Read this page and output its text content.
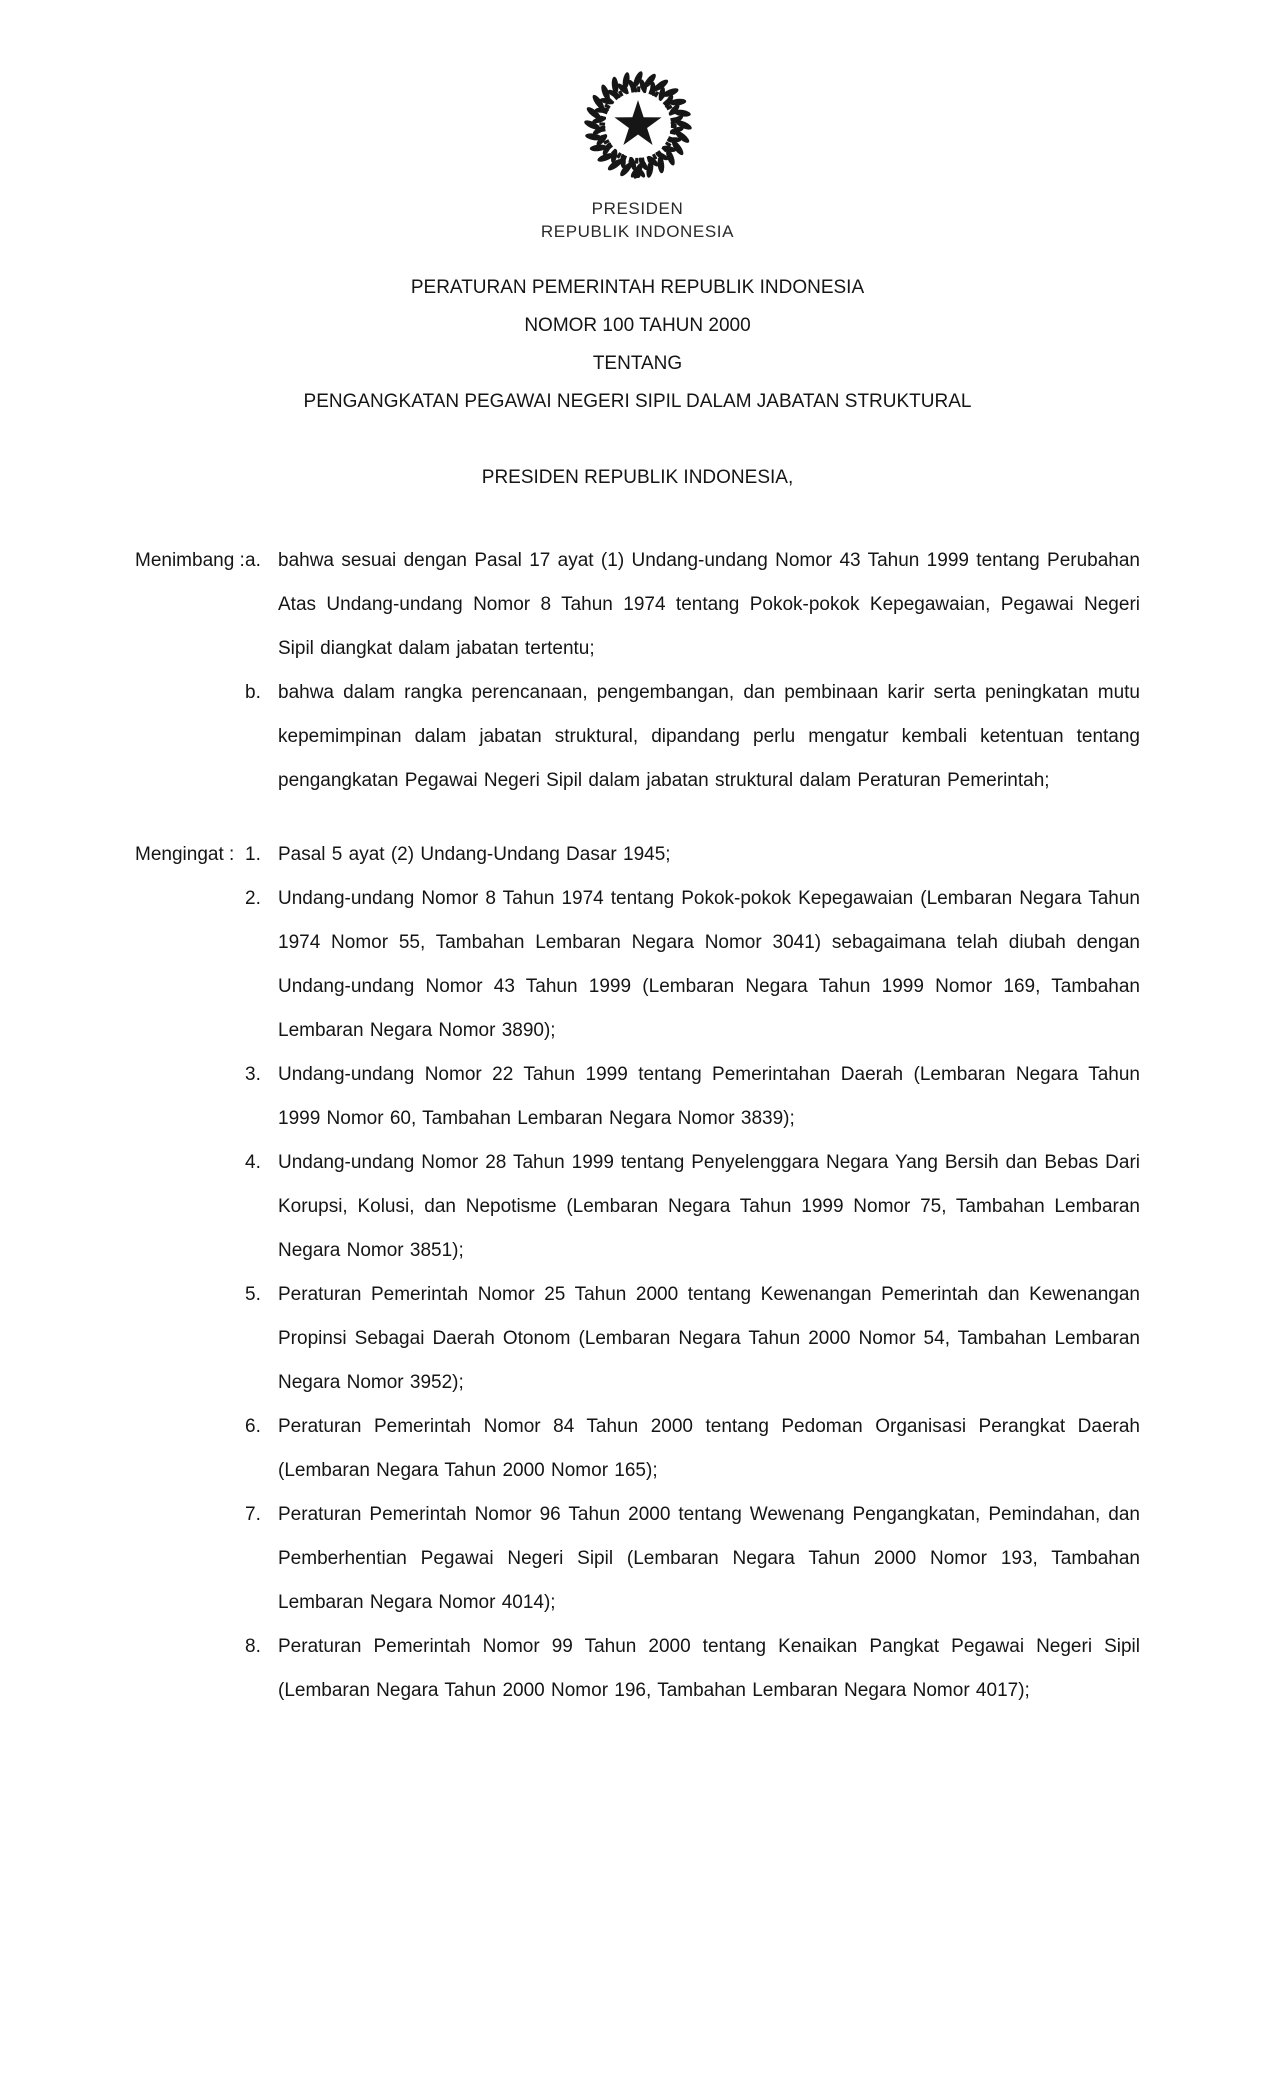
PRESIDEN
REPUBLIK INDONESIA
PERATURAN PEMERINTAH REPUBLIK INDONESIA
NOMOR 100 TAHUN 2000
TENTANG
PENGANGKATAN PEGAWAI NEGERI SIPIL DALAM JABATAN STRUKTURAL
PRESIDEN REPUBLIK INDONESIA,
Menimbang : a. bahwa sesuai dengan Pasal 17 ayat (1) Undang-undang Nomor 43 Tahun 1999 tentang Perubahan Atas Undang-undang Nomor 8 Tahun 1974 tentang Pokok-pokok Kepegawaian, Pegawai Negeri Sipil diangkat dalam jabatan tertentu;

b. bahwa dalam rangka perencanaan, pengembangan, dan pembinaan karir serta peningkatan mutu kepemimpinan dalam jabatan struktural, dipandang perlu mengatur kembali ketentuan tentang pengangkatan Pegawai Negeri Sipil dalam jabatan struktural dalam Peraturan Pemerintah;

Mengingat : 1. Pasal 5 ayat (2) Undang-Undang Dasar 1945;

2. Undang-undang Nomor 8 Tahun 1974 tentang Pokok-pokok Kepegawaian (Lembaran Negara Tahun 1974 Nomor 55, Tambahan Lembaran Negara Nomor 3041) sebagaimana telah diubah dengan Undang-undang Nomor 43 Tahun 1999 (Lembaran Negara Tahun 1999 Nomor 169, Tambahan Lembaran Negara Nomor 3890);

3. Undang-undang Nomor 22 Tahun 1999 tentang Pemerintahan Daerah (Lembaran Negara Tahun 1999 Nomor 60, Tambahan Lembaran Negara Nomor 3839);

4. Undang-undang Nomor 28 Tahun 1999 tentang Penyelenggara Negara Yang Bersih dan Bebas Dari Korupsi, Kolusi, dan Nepotisme (Lembaran Negara Tahun 1999 Nomor 75, Tambahan Lembaran Negara Nomor 3851);

5. Peraturan Pemerintah Nomor 25 Tahun 2000 tentang Kewenangan Pemerintah dan Kewenangan Propinsi Sebagai Daerah Otonom (Lembaran Negara Tahun 2000 Nomor 54, Tambahan Lembaran Negara Nomor 3952);

6. Peraturan Pemerintah Nomor 84 Tahun 2000 tentang Pedoman Organisasi Perangkat Daerah (Lembaran Negara Tahun 2000 Nomor 165);

7. Peraturan Pemerintah Nomor 96 Tahun 2000 tentang Wewenang Pengangkatan, Pemindahan, dan Pemberhentian Pegawai Negeri Sipil (Lembaran Negara Tahun 2000 Nomor 193, Tambahan Lembaran Negara Nomor 4014);

8. Peraturan Pemerintah Nomor 99 Tahun 2000 tentang Kenaikan Pangkat Pegawai Negeri Sipil (Lembaran Negara Tahun 2000 Nomor 196, Tambahan Lembaran Negara Nomor 4017);
